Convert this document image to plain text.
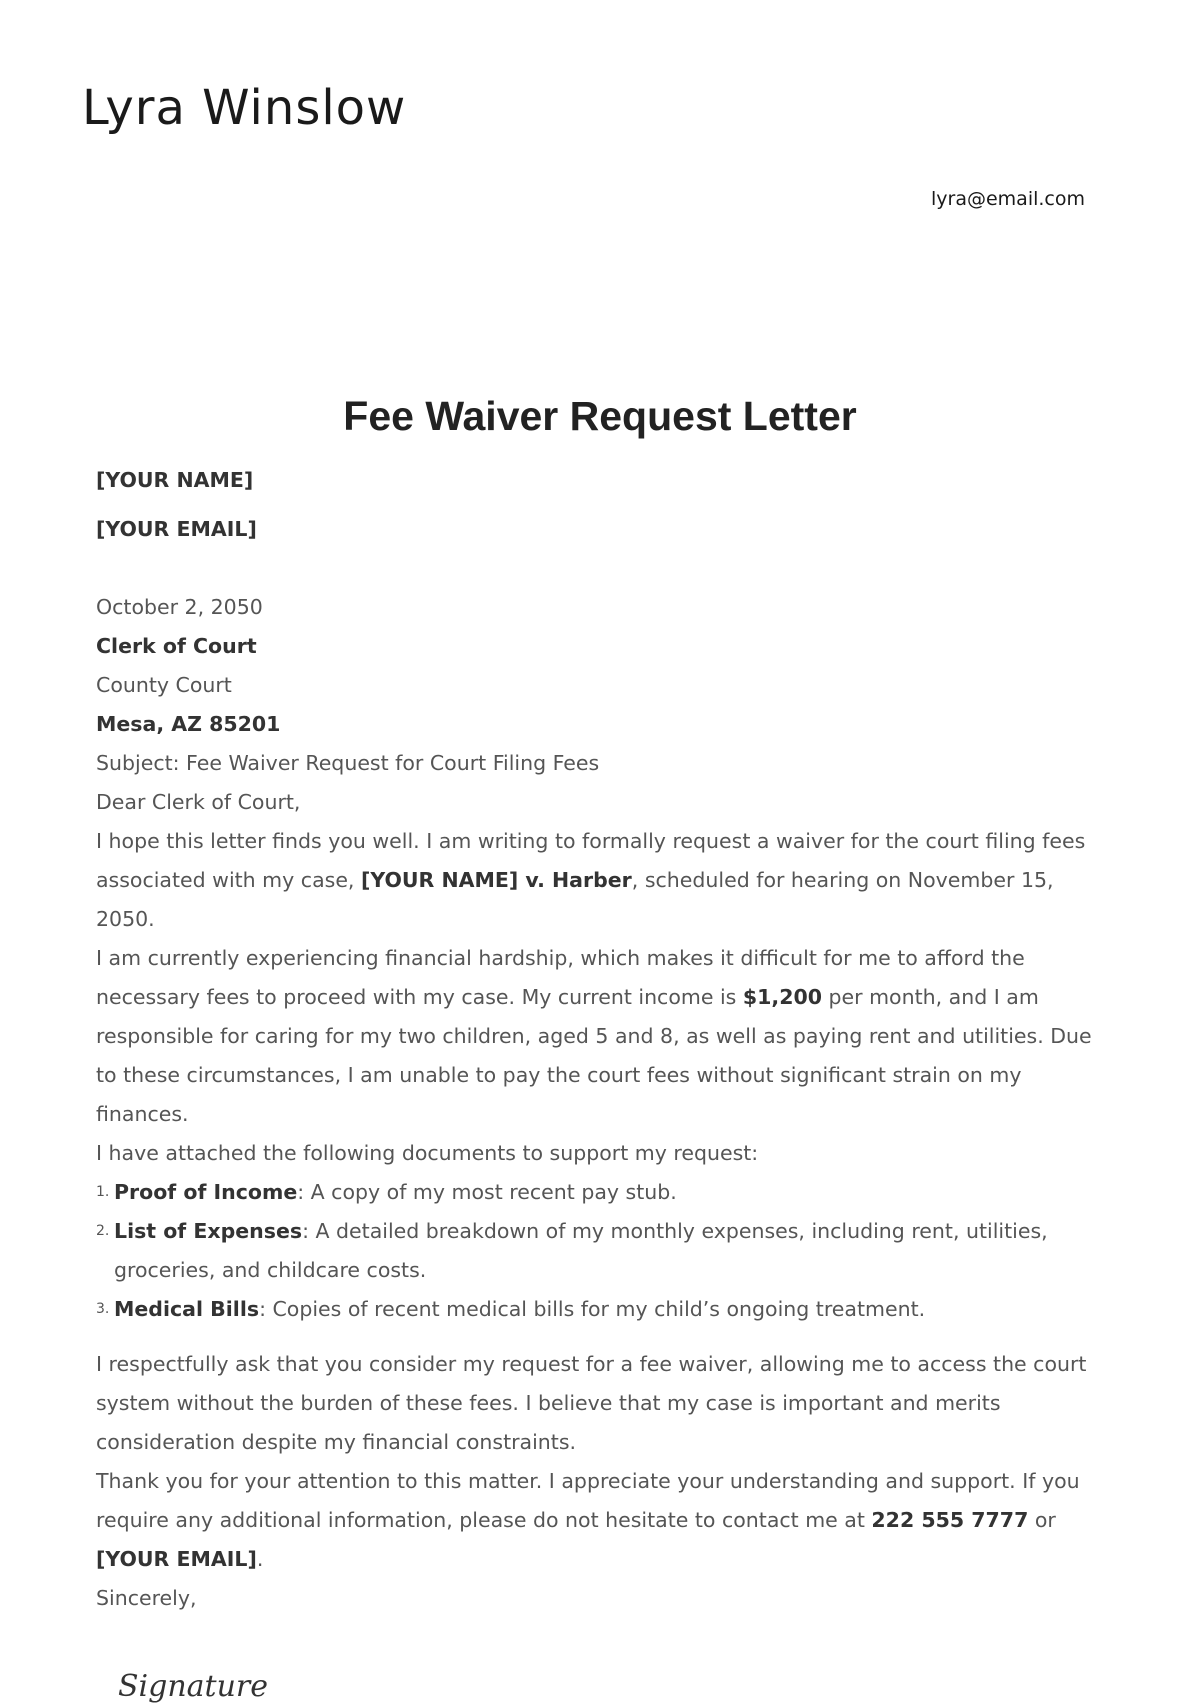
Lyra Winslow
lyra@email.com
Fee Waiver Request Letter

[YOUR NAME]

[YOUR EMAIL]

October 2, 2050

Clerk of Court

County Court

Mesa, AZ 85201

Subject: Fee Waiver Request for Court Filing Fees

Dear Clerk of Court,

I hope this letter finds you well. I am writing to formally request a waiver for the court filing fees associated with my case, [YOUR NAME] v. Harber, scheduled for hearing on November 15, 2050.

I am currently experiencing financial hardship, which makes it difficult for me to afford the necessary fees to proceed with my case. My current income is $1,200 per month, and I am responsible for caring for my two children, aged 5 and 8, as well as paying rent and utilities. Due to these circumstances, I am unable to pay the court fees without significant strain on my finances.

I have attached the following documents to support my request:

1. Proof of Income: A copy of my most recent pay stub.
2. List of Expenses: A detailed breakdown of my monthly expenses, including rent, utilities, groceries, and childcare costs.
3. Medical Bills: Copies of recent medical bills for my child’s ongoing treatment.

I respectfully ask that you consider my request for a fee waiver, allowing me to access the court system without the burden of these fees. I believe that my case is important and merits consideration despite my financial constraints.

Thank you for your attention to this matter. I appreciate your understanding and support. If you require any additional information, please do not hesitate to contact me at 222 555 7777 or [YOUR EMAIL].

Sincerely,

Signature
